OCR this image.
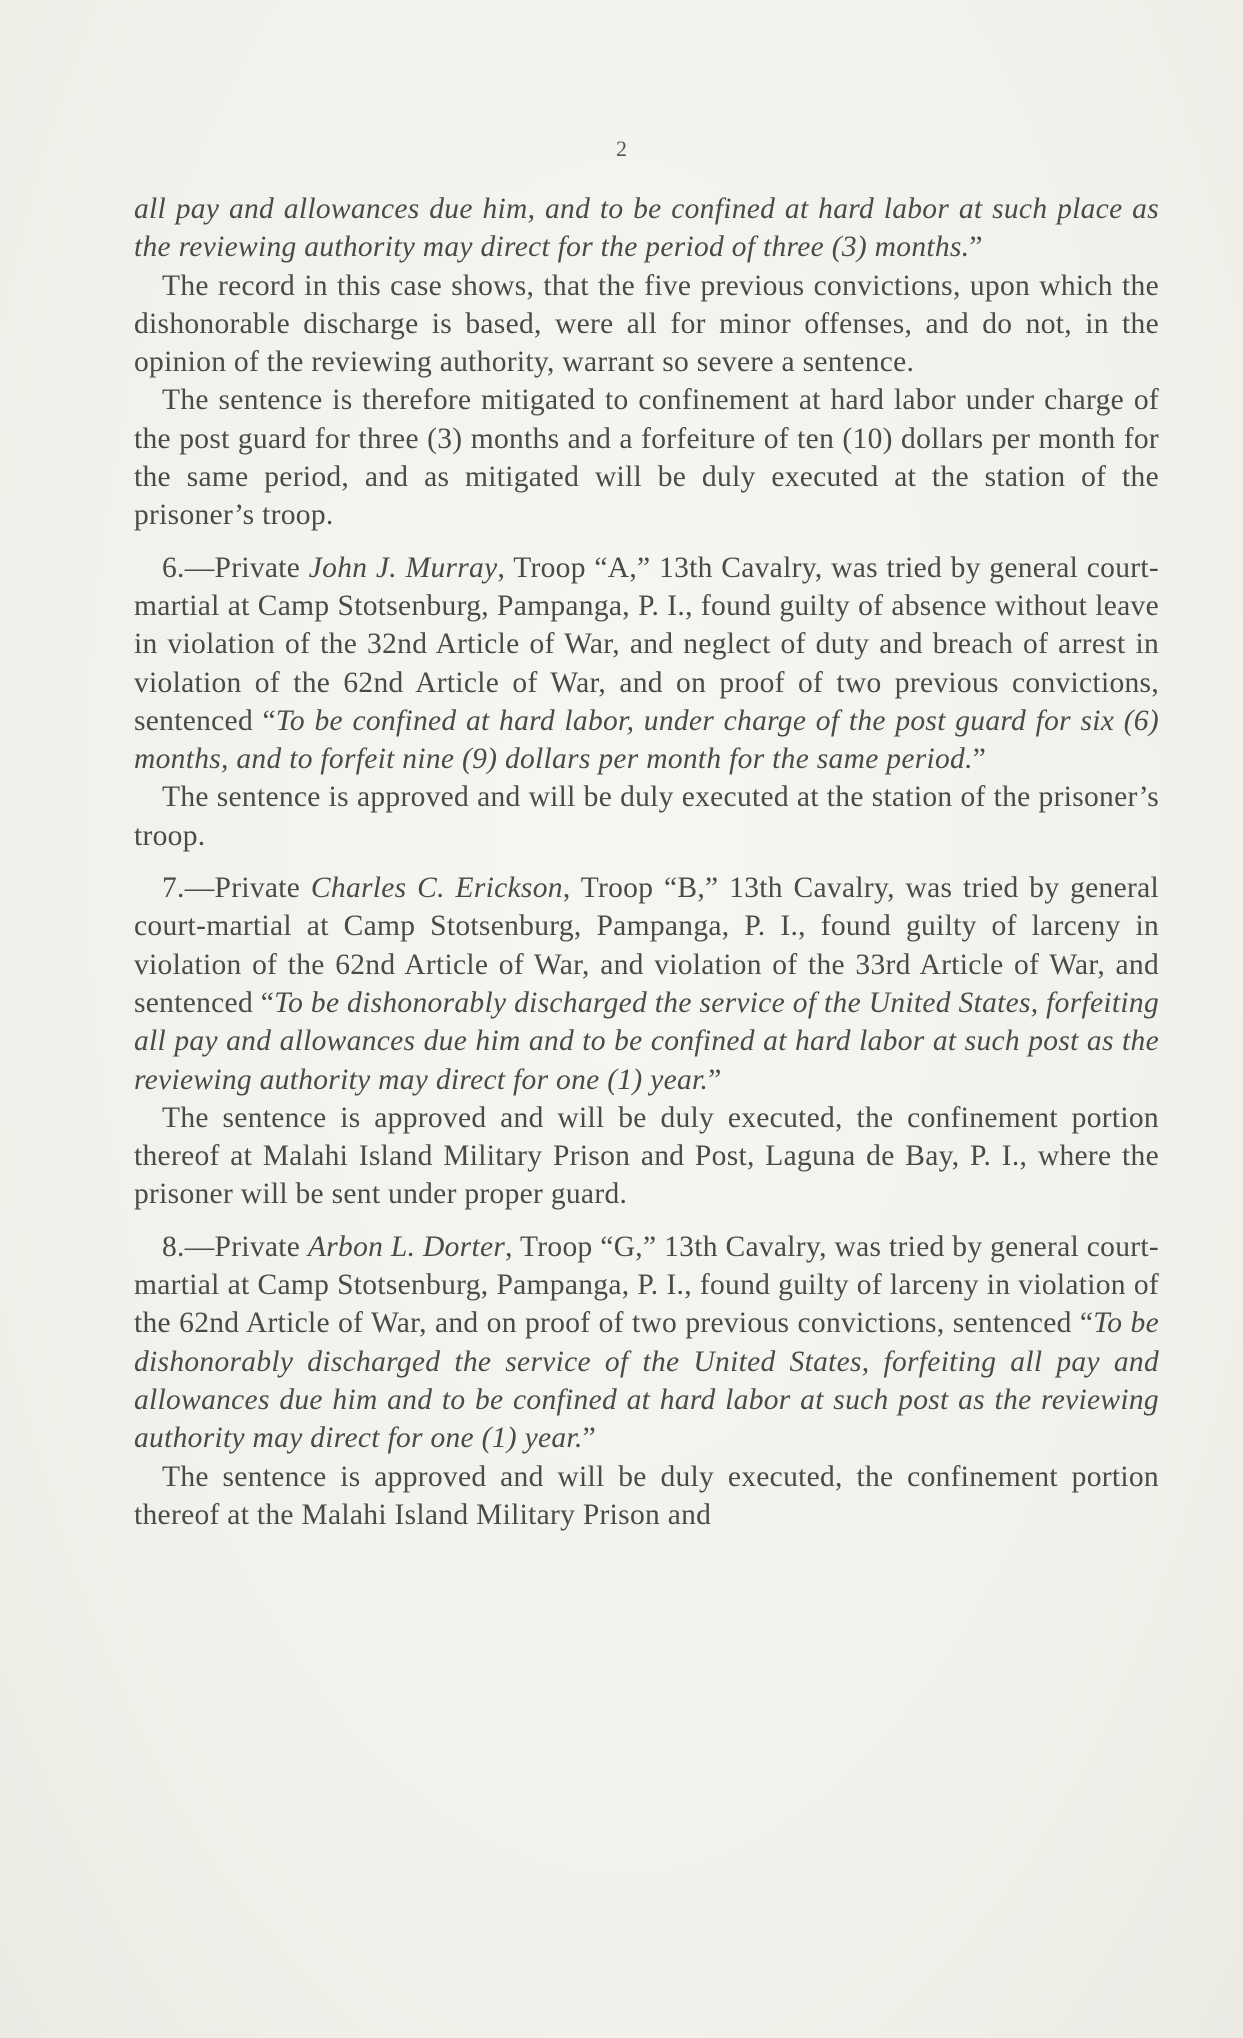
2

all pay and allowances due him, and to be confined at hard labor at such place as the reviewing authority may direct for the period of three (3) months.”

The record in this case shows, that the five previous convictions, upon which the dishonorable discharge is based, were all for minor offenses, and do not, in the opinion of the reviewing authority, warrant so severe a sentence.

The sentence is therefore mitigated to confinement at hard labor under charge of the post guard for three (3) months and a forfeiture of ten (10) dollars per month for the same period, and as mitigated will be duly executed at the station of the prisoner’s troop.

6.—Private John J. Murray, Troop “A,” 13th Cavalry, was tried by general court-martial at Camp Stotsenburg, Pampanga, P. I., found guilty of absence without leave in violation of the 32nd Article of War, and neglect of duty and breach of arrest in violation of the 62nd Article of War, and on proof of two previous convictions, sentenced “To be confined at hard labor, under charge of the post guard for six (6) months, and to forfeit nine (9) dollars per month for the same period.”

The sentence is approved and will be duly executed at the station of the prisoner’s troop.

7.—Private Charles C. Erickson, Troop “B,” 13th Cavalry, was tried by general court-martial at Camp Stotsenburg, Pampanga, P. I., found guilty of larceny in violation of the 62nd Article of War, and violation of the 33rd Article of War, and sentenced “To be dishonorably discharged the service of the United States, forfeiting all pay and allowances due him and to be confined at hard labor at such post as the reviewing authority may direct for one (1) year.”

The sentence is approved and will be duly executed, the confinement portion thereof at Malahi Island Military Prison and Post, Laguna de Bay, P. I., where the prisoner will be sent under proper guard.

8.—Private Arbon L. Dorter, Troop “G,” 13th Cavalry, was tried by general court-martial at Camp Stotsenburg, Pampanga, P. I., found guilty of larceny in violation of the 62nd Article of War, and on proof of two previous convictions, sentenced “To be dishonorably discharged the service of the United States, forfeiting all pay and allowances due him and to be confined at hard labor at such post as the reviewing authority may direct for one (1) year.”

The sentence is approved and will be duly executed, the confinement portion thereof at the Malahi Island Military Prison and
